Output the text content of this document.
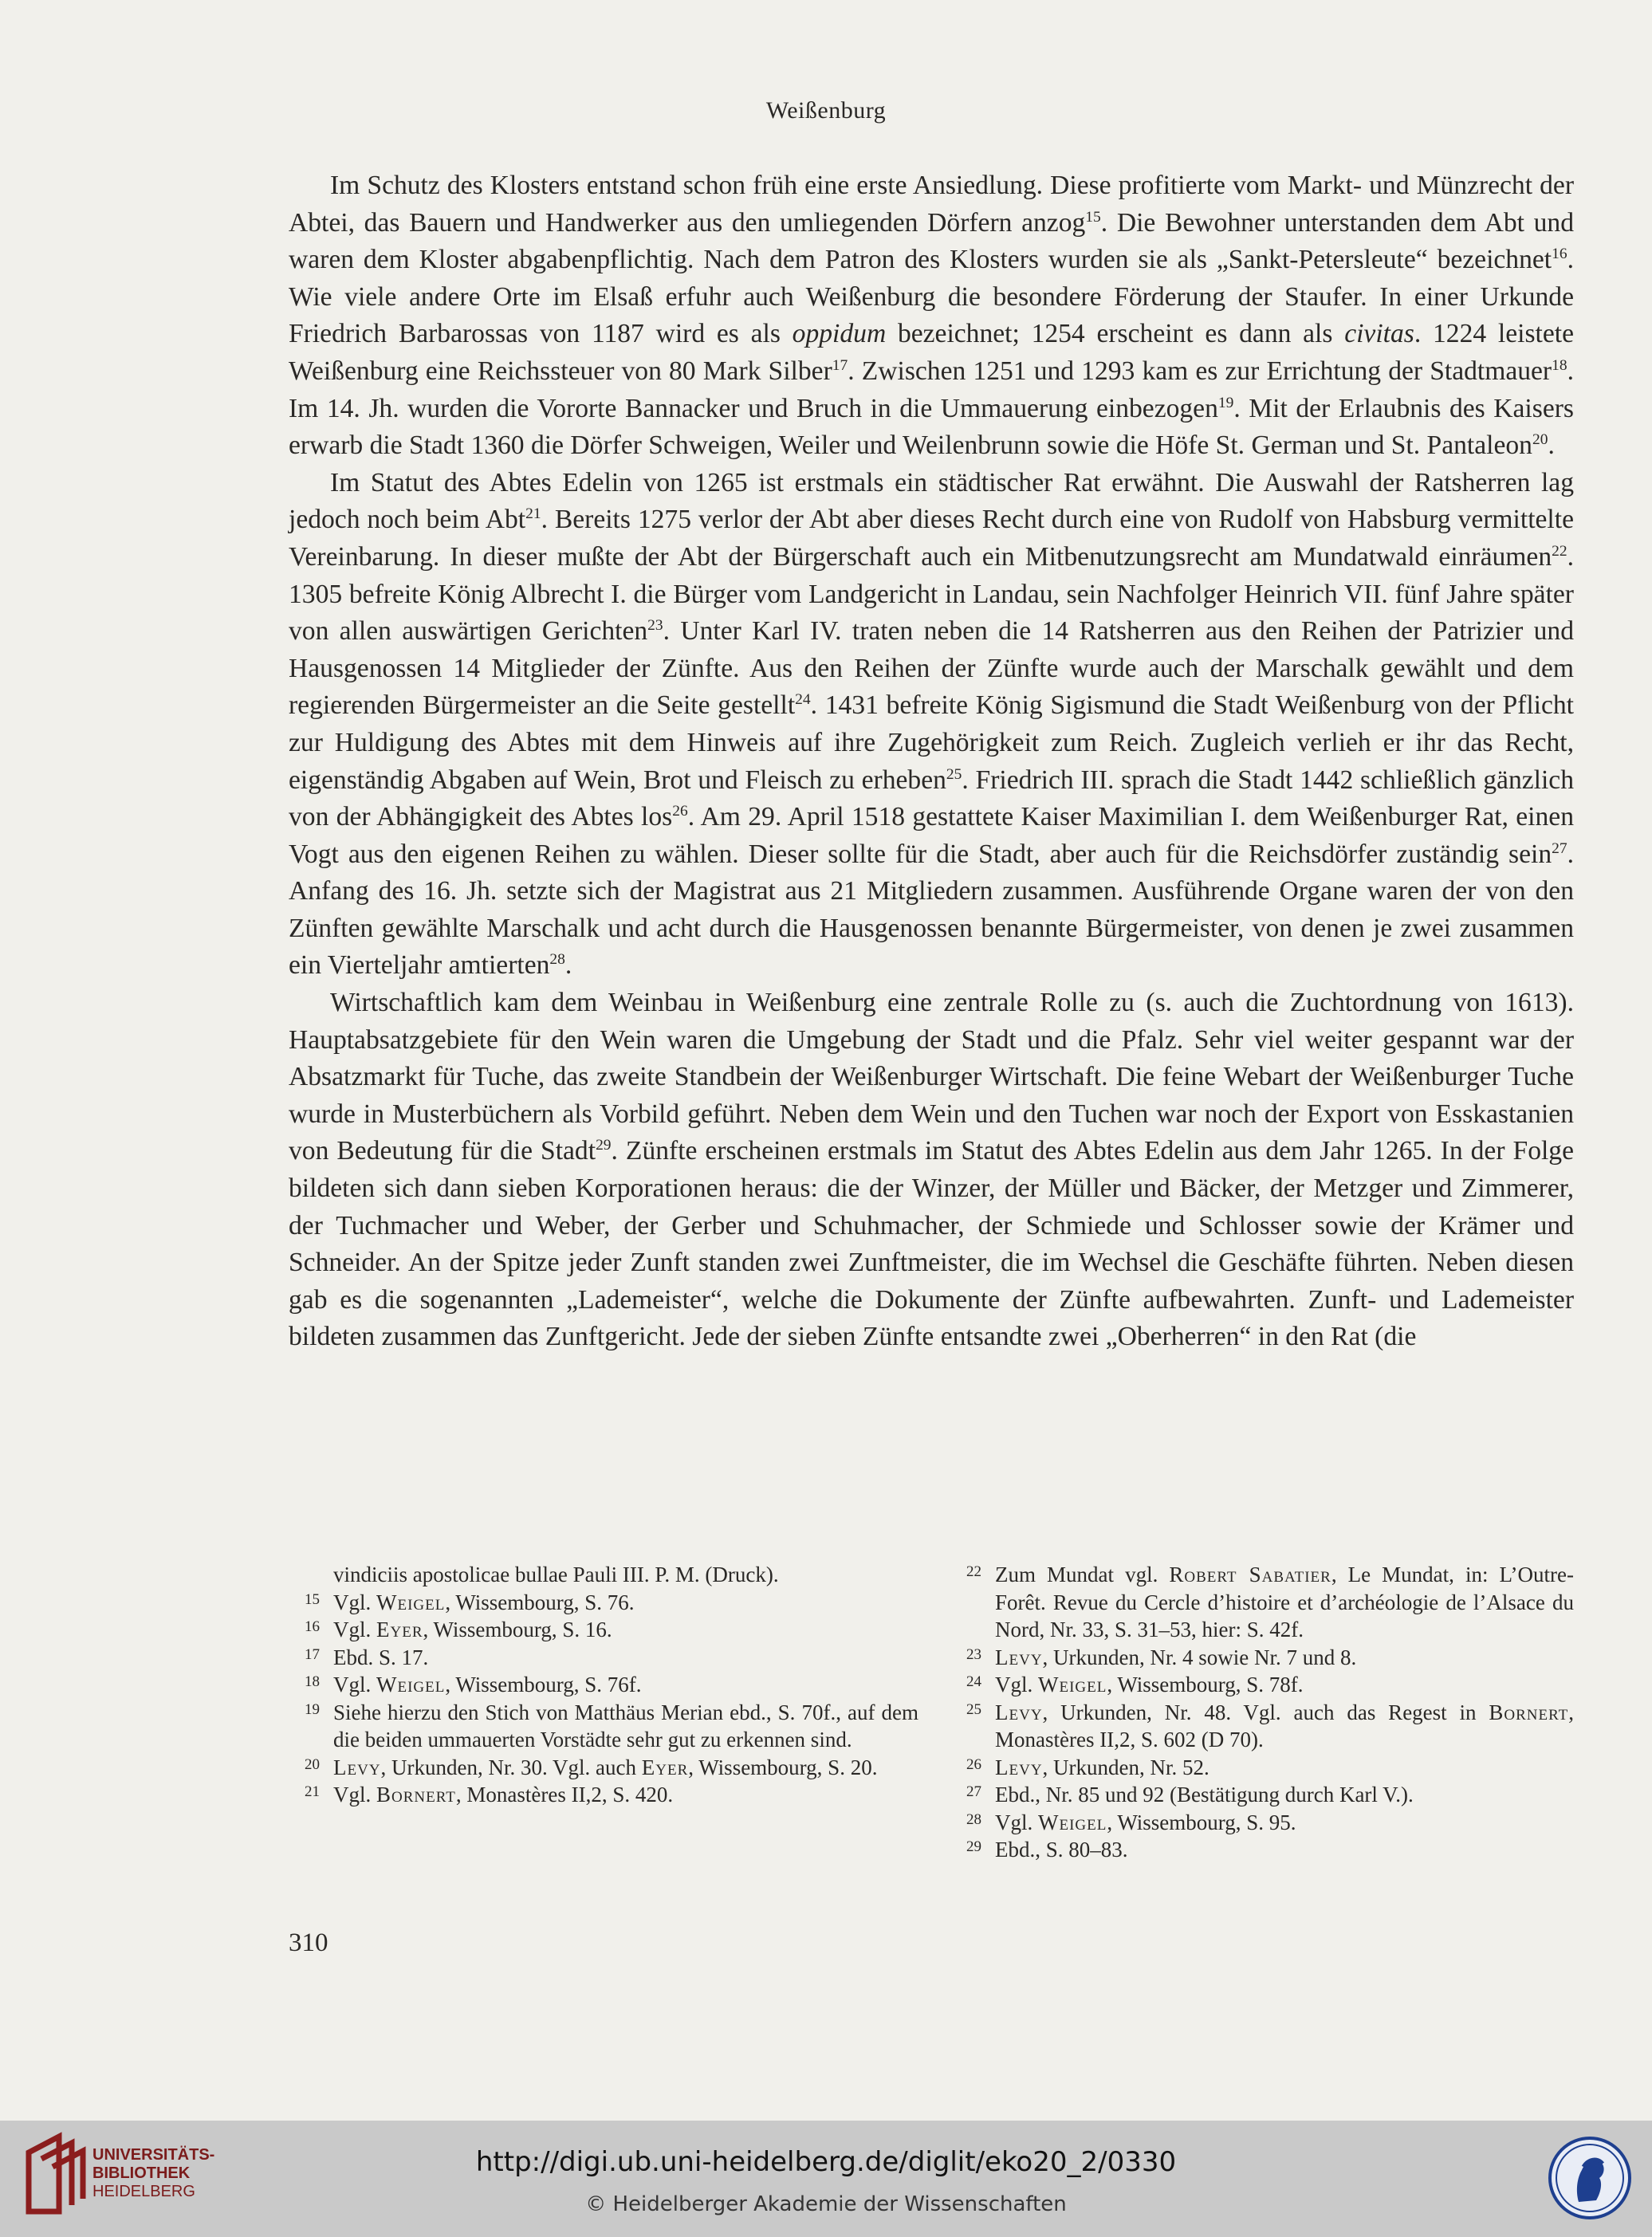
Weißenburg

Im Schutz des Klosters entstand schon früh eine erste Ansiedlung. Diese profitierte vom Markt- und Münzrecht der Abtei, das Bauern und Handwerker aus den umliegenden Dörfern anzog$^{15}$. Die Bewohner unterstanden dem Abt und waren dem Kloster abgabenpflichtig. Nach dem Patron des Klosters wurden sie als „Sankt-Petersleute“ bezeichnet$^{16}$. Wie viele andere Orte im Elsaß erfuhr auch Weißenburg die besondere Förderung der Staufer. In einer Urkunde Friedrich Barbarossas von 1187 wird es als oppidum bezeichnet; 1254 erscheint es dann als civitas. 1224 leistete Weißenburg eine Reichssteuer von 80 Mark Silber$^{17}$. Zwischen 1251 und 1293 kam es zur Errichtung der Stadtmauer$^{18}$. Im 14. Jh. wurden die Vororte Bannacker und Bruch in die Ummauerung einbezogen$^{19}$. Mit der Erlaubnis des Kaisers erwarb die Stadt 1360 die Dörfer Schweigen, Weiler und Weilenbrunn sowie die Höfe St. German und St. Pantaleon$^{20}$.

Im Statut des Abtes Edelin von 1265 ist erstmals ein städtischer Rat erwähnt. Die Auswahl der Ratsherren lag jedoch noch beim Abt$^{21}$. Bereits 1275 verlor der Abt aber dieses Recht durch eine von Rudolf von Habsburg vermittelte Vereinbarung. In dieser mußte der Abt der Bürgerschaft auch ein Mitbenutzungsrecht am Mundatwald einräumen$^{22}$. 1305 befreite König Albrecht I. die Bürger vom Landgericht in Landau, sein Nachfolger Heinrich VII. fünf Jahre später von allen auswärtigen Gerichten$^{23}$. Unter Karl IV. traten neben die 14 Ratsherren aus den Reihen der Patrizier und Hausgenossen 14 Mitglieder der Zünfte. Aus den Reihen der Zünfte wurde auch der Marschalk gewählt und dem regierenden Bürgermeister an die Seite gestellt$^{24}$. 1431 befreite König Sigismund die Stadt Weißenburg von der Pflicht zur Huldigung des Abtes mit dem Hinweis auf ihre Zugehörigkeit zum Reich. Zugleich verlieh er ihr das Recht, eigenständig Abgaben auf Wein, Brot und Fleisch zu erheben$^{25}$. Friedrich III. sprach die Stadt 1442 schließlich gänzlich von der Abhängigkeit des Abtes los$^{26}$. Am 29. April 1518 gestattete Kaiser Maximilian I. dem Weißenburger Rat, einen Vogt aus den eigenen Reihen zu wählen. Dieser sollte für die Stadt, aber auch für die Reichsdörfer zuständig sein$^{27}$. Anfang des 16. Jh. setzte sich der Magistrat aus 21 Mitgliedern zusammen. Ausführende Organe waren der von den Zünften gewählte Marschalk und acht durch die Hausgenossen benannte Bürgermeister, von denen je zwei zusammen ein Vierteljahr amtierten$^{28}$.

Wirtschaftlich kam dem Weinbau in Weißenburg eine zentrale Rolle zu (s. auch die Zuchtordnung von 1613). Hauptabsatzgebiete für den Wein waren die Umgebung der Stadt und die Pfalz. Sehr viel weiter gespannt war der Absatzmarkt für Tuche, das zweite Standbein der Weißenburger Wirtschaft. Die feine Webart der Weißenburger Tuche wurde in Musterbüchern als Vorbild geführt. Neben dem Wein und den Tuchen war noch der Export von Esskastanien von Bedeutung für die Stadt$^{29}$. Zünfte erscheinen erstmals im Statut des Abtes Edelin aus dem Jahr 1265. In der Folge bildeten sich dann sieben Korporationen heraus: die der Winzer, der Müller und Bäcker, der Metzger und Zimmerer, der Tuchmacher und Weber, der Gerber und Schuhmacher, der Schmiede und Schlosser sowie der Krämer und Schneider. An der Spitze jeder Zunft standen zwei Zunftmeister, die im Wechsel die Geschäfte führten. Neben diesen gab es die sogenannten „Lademeister“, welche die Dokumente der Zünfte aufbewahrten. Zunft- und Lademeister bildeten zusammen das Zunftgericht. Jede der sieben Zünfte entsandte zwei „Oberherren“ in den Rat (die

vindiciis apostolicae bullae Pauli III. P. M. (Druck).
15 Vgl. Weigel, Wissembourg, S. 76.
16 Vgl. Eyer, Wissembourg, S. 16.
17 Ebd. S. 17.
18 Vgl. Weigel, Wissembourg, S. 76f.
19 Siehe hierzu den Stich von Matthäus Merian ebd., S. 70f., auf dem die beiden ummauerten Vorstädte sehr gut zu erkennen sind.
20 Levy, Urkunden, Nr. 30. Vgl. auch Eyer, Wissembourg, S. 20.
21 Vgl. Bornert, Monastères II,2, S. 420.
22 Zum Mundat vgl. Robert Sabatier, Le Mundat, in: L’Outre-Forêt. Revue du Cercle d’histoire et d’archéologie de l’Alsace du Nord, Nr. 33, S. 31–53, hier: S. 42f.
23 Levy, Urkunden, Nr. 4 sowie Nr. 7 und 8.
24 Vgl. Weigel, Wissembourg, S. 78f.
25 Levy, Urkunden, Nr. 48. Vgl. auch das Regest in Bornert, Monastères II,2, S. 602 (D 70).
26 Levy, Urkunden, Nr. 52.
27 Ebd., Nr. 85 und 92 (Bestätigung durch Karl V.).
28 Vgl. Weigel, Wissembourg, S. 95.
29 Ebd., S. 80–83.
310
UNIVERSITÄTS-
BIBLIOTHEK
HEIDELBERG
http://digi.ub.uni-heidelberg.de/diglit/eko20_2/0330
© Heidelberger Akademie der Wissenschaften
